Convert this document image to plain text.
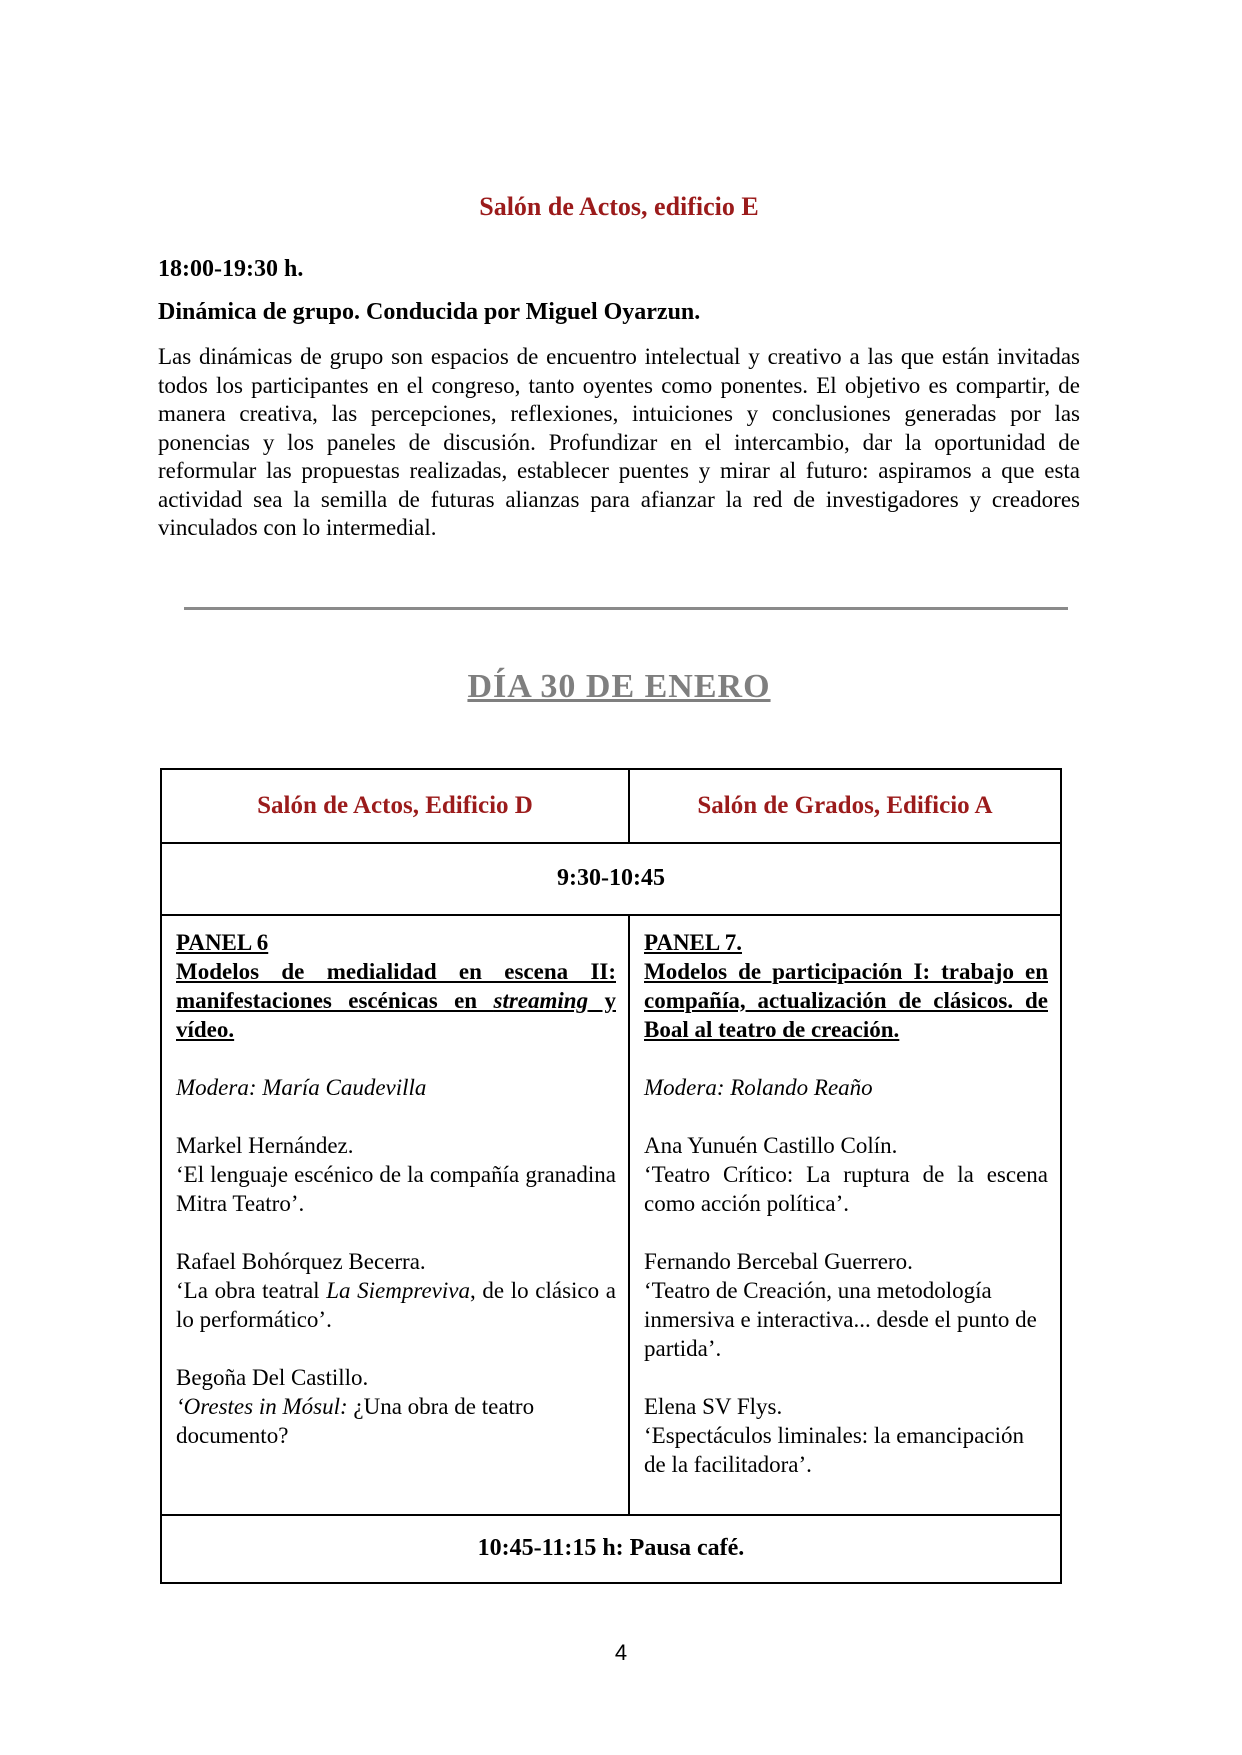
Salón de Actos, edificio E
18:00-19:30 h.
Dinámica de grupo. Conducida por Miguel Oyarzun.
Las dinámicas de grupo son espacios de encuentro intelectual y creativo a las que están invitadas todos los participantes en el congreso, tanto oyentes como ponentes. El objetivo es compartir, de manera creativa, las percepciones, reflexiones, intuiciones y conclusiones generadas por las ponencias y los paneles de discusión. Profundizar en el intercambio, dar la oportunidad de reformular las propuestas realizadas, establecer puentes y mirar al futuro: aspiramos a que esta actividad sea la semilla de futuras alianzas para afianzar la red de investigadores y creadores vinculados con lo intermedial.
DÍA 30 DE ENERO
Salón de Actos, Edificio D	Salón de Grados, Edificio A
9:30-10:45	

PANEL 6
Modelos de medialidad en escena II: manifestaciones escénicas en streaming y vídeo.
Modera: María Caudevilla
Markel Hernández.
‘El lenguaje escénico de la compañía granadina Mitra Teatro’.
Rafael Bohórquez Becerra.
‘La obra teatral La Siempreviva, de lo clásico a lo performático’.
Begoña Del Castillo.
‘Orestes in Mósul: ¿Una obra de teatro documento?

PANEL 7.
Modelos de participación I: trabajo en compañía, actualización de clásicos. de Boal al teatro de creación.
Modera: Rolando Reaño
Ana Yunuén Castillo Colín.
‘Teatro Crítico: La ruptura de la escena como acción política’.
Fernando Bercebal Guerrero.
‘Teatro de Creación, una metodología inmersiva e interactiva... desde el punto de partida’.
Elena SV Flys.
‘Espectáculos liminales: la emancipación de la facilitadora’.

10:45-11:15 h: Pausa café.	
4
